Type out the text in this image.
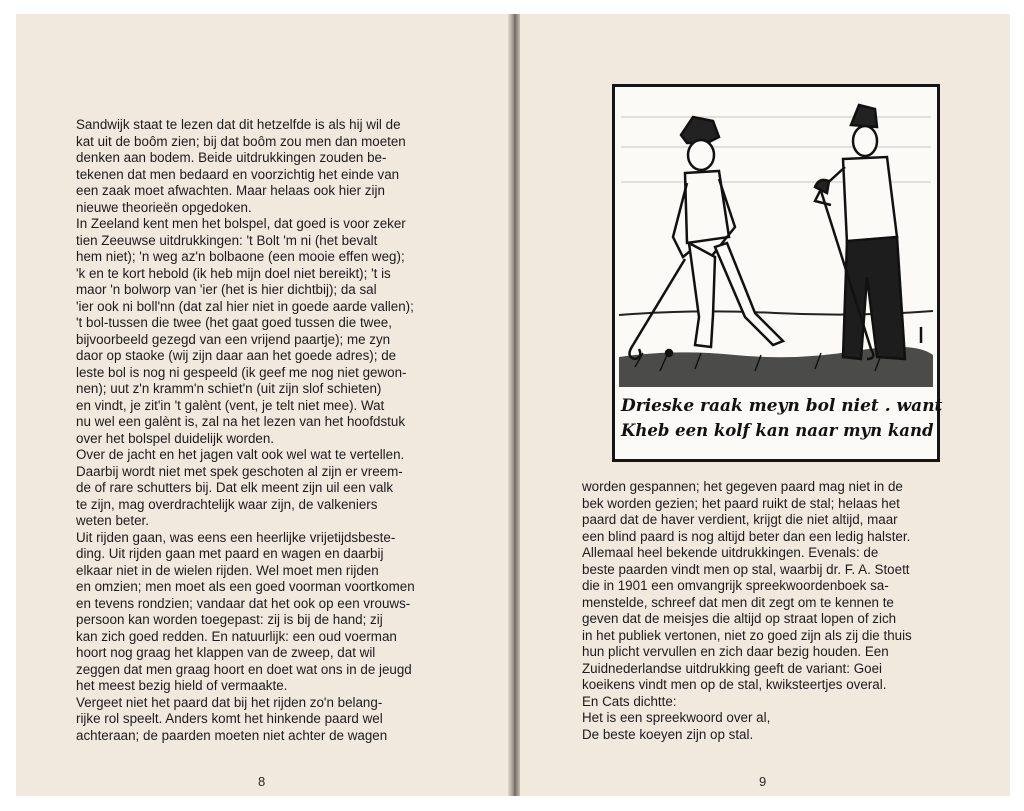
Sandwijk staat te lezen dat dit hetzelfde is als hij wil de

kat uit de boôm zien; bij dat boôm zou men dan moeten

denken aan bodem. Beide uitdrukkingen zouden be-

tekenen dat men bedaard en voorzichtig het einde van

een zaak moet afwachten. Maar helaas ook hier zijn

nieuwe theorieën opgedoken.

In Zeeland kent men het bolspel, dat goed is voor zeker

tien Zeeuwse uitdrukkingen: 't Bolt 'm ni (het bevalt

hem niet); 'n weg az'n bolbaone (een mooie effen weg);

'k en te kort hebold (ik heb mijn doel niet bereikt); 't is

maor 'n bolworp van 'ier (het is hier dichtbij); da sal

'ier ook ni boll'nn (dat zal hier niet in goede aarde vallen);

't bol-tussen die twee (het gaat goed tussen die twee,

bijvoorbeeld gezegd van een vrijend paartje); me zyn

daor op staoke (wij zijn daar aan het goede adres); de

leste bol is nog ni gespeeld (ik geef me nog niet gewon-

nen); uut z'n kramm'n schiet'n (uit zijn slof schieten)

en vindt, je zit'in 't galènt (vent, je telt niet mee). Wat

nu wel een galènt is, zal na het lezen van het hoofdstuk

over het bolspel duidelijk worden.

Over de jacht en het jagen valt ook wel wat te vertellen.

Daarbij wordt niet met spek geschoten al zijn er vreem-

de of rare schutters bij. Dat elk meent zijn uil een valk

te zijn, mag overdrachtelijk waar zijn, de valkeniers

weten beter.

Uit rijden gaan, was eens een heerlijke vrijetijdsbeste-

ding. Uit rijden gaan met paard en wagen en daarbij

elkaar niet in de wielen rijden. Wel moet men rijden

en omzien; men moet als een goed voorman voortkomen

en tevens rondzien; vandaar dat het ook op een vrouws-

persoon kan worden toegepast: zij is bij de hand; zij

kan zich goed redden. En natuurlijk: een oud voerman

hoort nog graag het klappen van de zweep, dat wil

zeggen dat men graag hoort en doet wat ons in de jeugd

het meest bezig hield of vermaakte.

Vergeet niet het paard dat bij het rijden zo'n belang-

rijke rol speelt. Anders komt het hinkende paard wel

achteraan; de paarden moeten niet achter de wagen

8

Drieske raak meyn bol niet . want

Kheb een kolf kan naar myn kand

worden gespannen; het gegeven paard mag niet in de

bek worden gezien; het paard ruikt de stal; helaas het

paard dat de haver verdient, krijgt die niet altijd, maar

een blind paard is nog altijd beter dan een ledig halster.

Allemaal heel bekende uitdrukkingen. Evenals: de

beste paarden vindt men op stal, waarbij dr. F. A. Stoett

die in 1901 een omvangrijk spreekwoordenboek sa-

menstelde, schreef dat men dit zegt om te kennen te

geven dat de meisjes die altijd op straat lopen of zich

in het publiek vertonen, niet zo goed zijn als zij die thuis

hun plicht vervullen en zich daar bezig houden. Een

Zuidnederlandse uitdrukking geeft de variant: Goei

koeikens vindt men op de stal, kwiksteertjes overal.

En Cats dichtte:

Het is een spreekwoord over al,

De beste koeyen zijn op stal.

9
